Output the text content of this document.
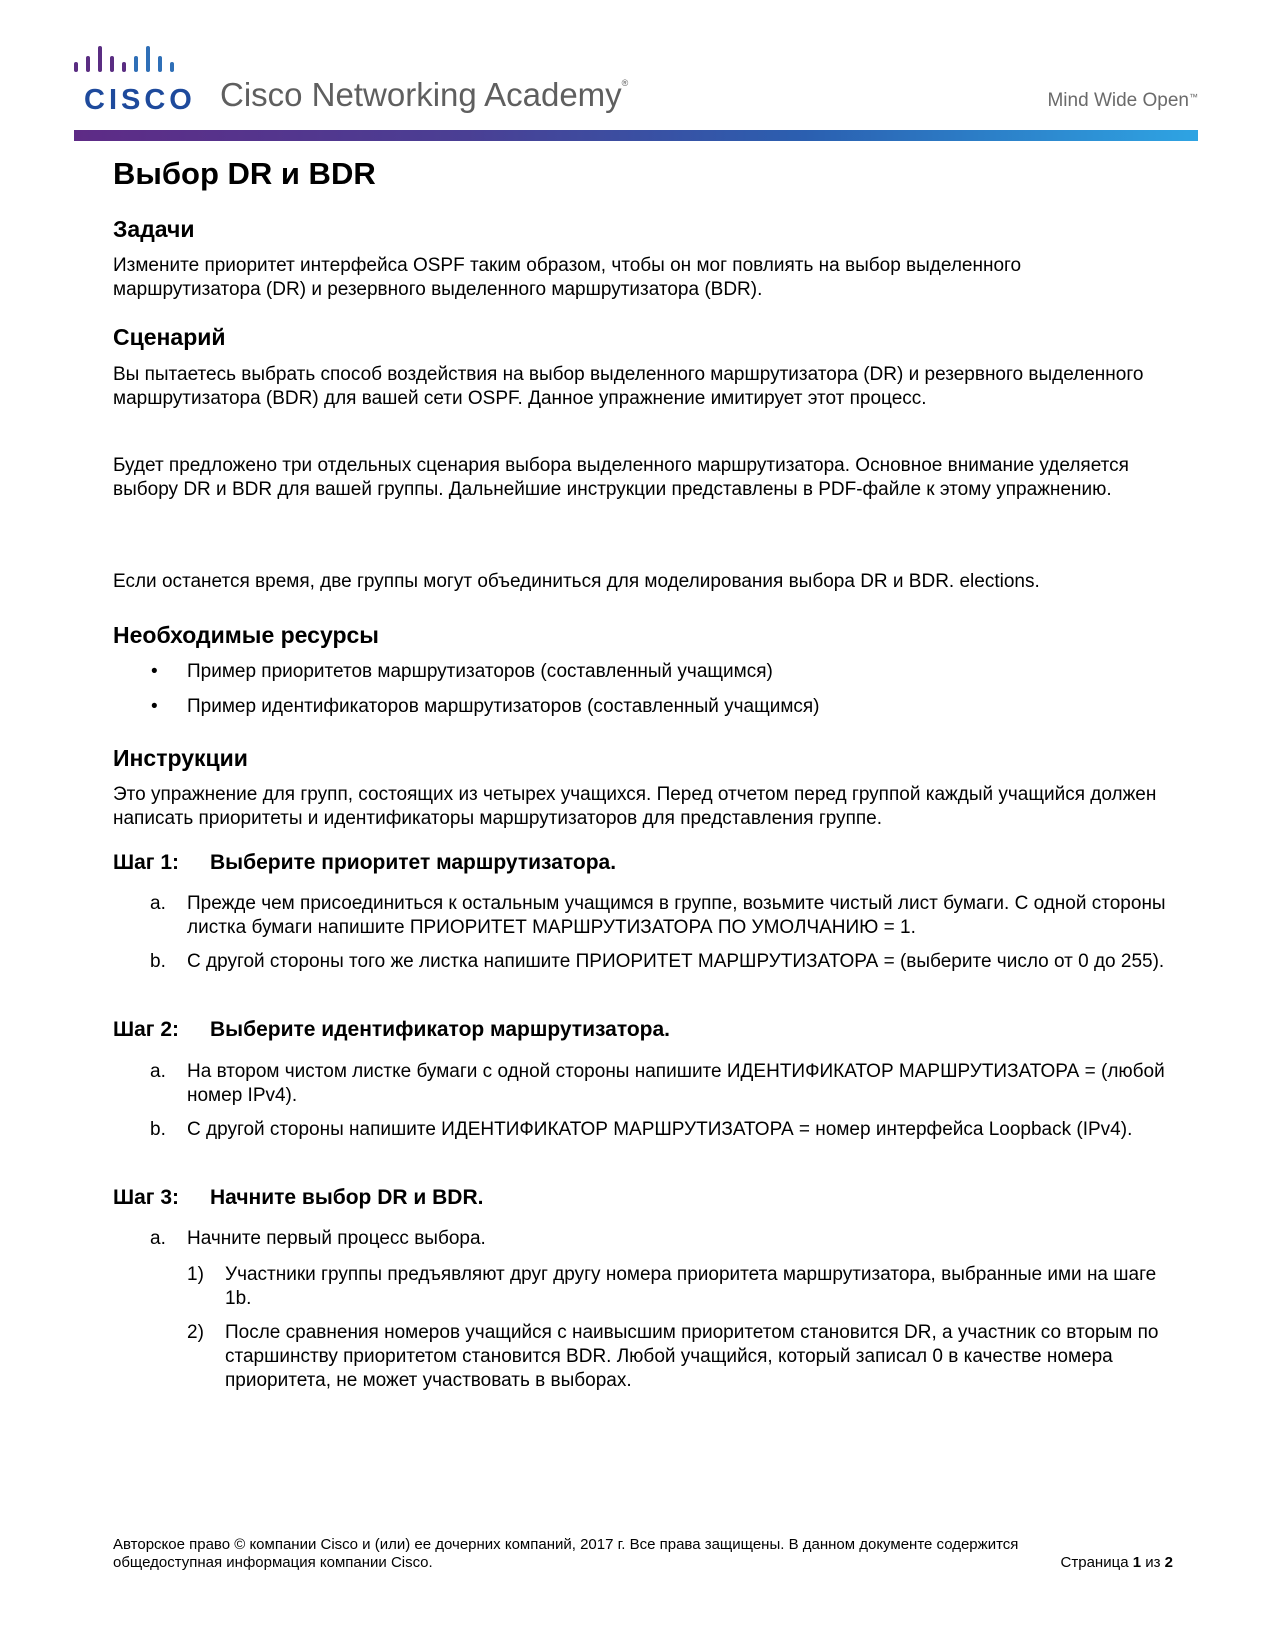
CISCO Cisco Networking Academy®
Mind Wide Open™
Выбор DR и BDR
Задачи

Измените приоритет интерфейса OSPF таким образом, чтобы он мог повлиять на выбор выделенного маршрутизатора (DR) и резервного выделенного маршрутизатора (BDR).

Сценарий

Вы пытаетесь выбрать способ воздействия на выбор выделенного маршрутизатора (DR) и резервного выделенного маршрутизатора (BDR) для вашей сети OSPF. Данное упражнение имитирует этот процесс.

Будет предложено три отдельных сценария выбора выделенного маршрутизатора. Основное внимание уделяется выбору DR и BDR для вашей группы. Дальнейшие инструкции представлены в PDF-файле к этому упражнению.

Если останется время, две группы могут объединиться для моделирования выбора DR и BDR. elections.

Необходимые ресурсы
• Пример приоритетов маршрутизаторов (составленный учащимся)
• Пример идентификаторов маршрутизаторов (составленный учащимся)
Инструкции

Это упражнение для групп, состоящих из четырех учащихся. Перед отчетом перед группой каждый учащийся должен написать приоритеты и идентификаторы маршрутизаторов для представления группе.

Шаг 1: Выберите приоритет маршрутизатора.
a. Прежде чем присоединиться к остальным учащимся в группе, возьмите чистый лист бумаги. С одной стороны листка бумаги напишите ПРИОРИТЕТ МАРШРУТИЗАТОРА ПО УМОЛЧАНИЮ = 1.
b. С другой стороны того же листка напишите ПРИОРИТЕТ МАРШРУТИЗАТОРА = (выберите число от 0 до 255).
Шаг 2: Выберите идентификатор маршрутизатора.
a. На втором чистом листке бумаги с одной стороны напишите ИДЕНТИФИКАТОР МАРШРУТИЗАТОРА = (любой номер IPv4).
b. С другой стороны напишите ИДЕНТИФИКАТОР МАРШРУТИЗАТОРА = номер интерфейса Loopback (IPv4).
Шаг 3: Начните выбор DR и BDR.
a. Начните первый процесс выбора.
1) Участники группы предъявляют друг другу номера приоритета маршрутизатора, выбранные ими на шаге 1b.
2) После сравнения номеров учащийся с наивысшим приоритетом становится DR, а участник со вторым по старшинству приоритетом становится BDR. Любой учащийся, который записал 0 в качестве номера приоритета, не может участвовать в выборах.
Авторское право © компании Cisco и (или) ее дочерних компаний, 2017 г. Все права защищены. В данном документе содержится общедоступная информация компании Cisco.	Страница 1 из 2
